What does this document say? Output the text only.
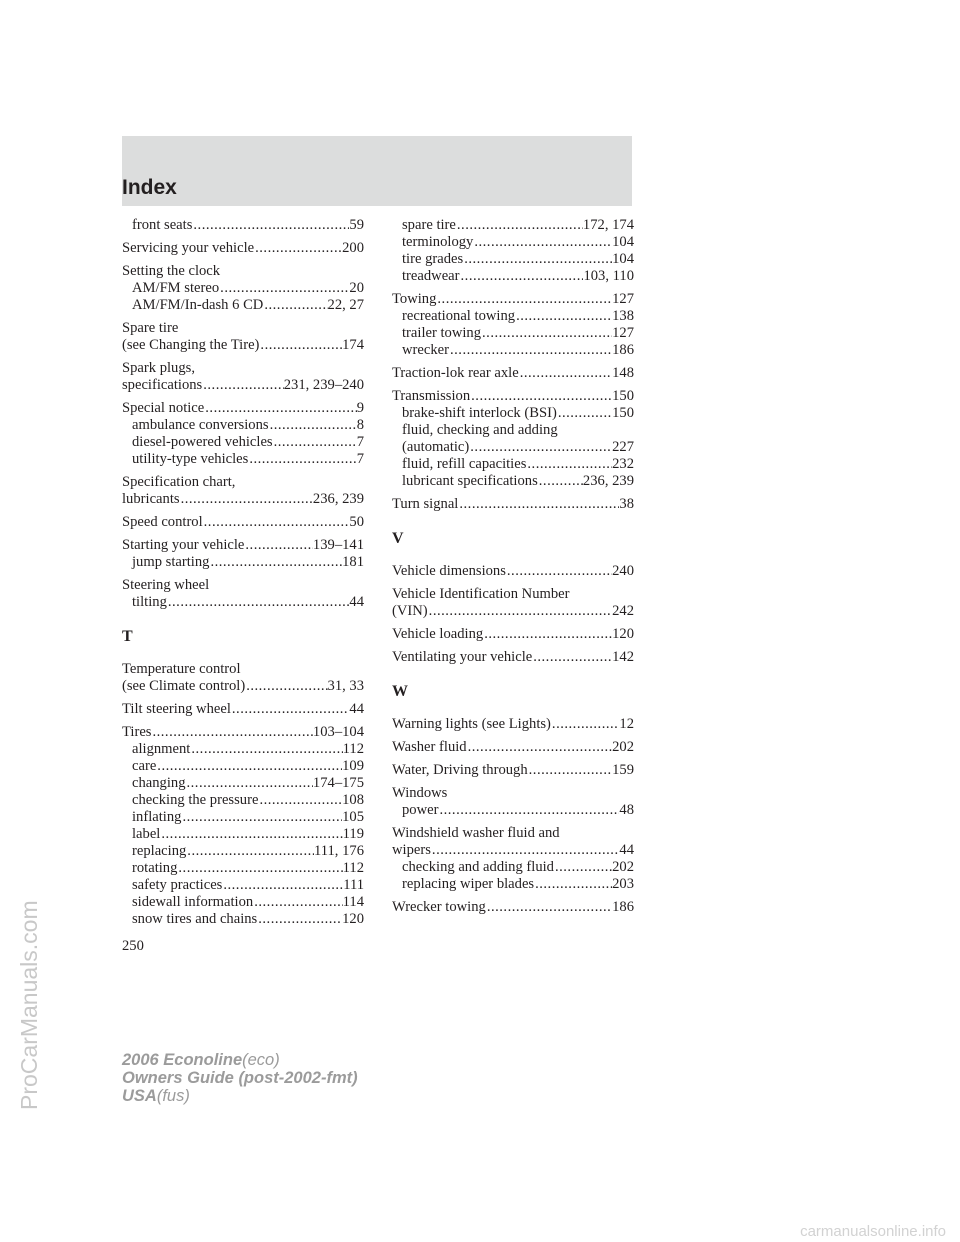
Index
front seats .....	59
Servicing your vehicle .....	200
Setting the clock
AM/FM stereo .....	20
AM/FM/In-dash 6 CD .....	22, 27
Spare tire
(see Changing the Tire) .....	174
Spark plugs,
specifications .....	231, 239–240
Special notice .....	9
ambulance conversions .....	8
diesel-powered vehicles .....	7
utility-type vehicles .....	7
Specification chart,
lubricants .....	236, 239
Speed control .....	50
Starting your vehicle .....	139–141
jump starting .....	181
Steering wheel
tilting .....	44
T
Temperature control
(see Climate control) .....	31, 33
Tilt steering wheel .....	44
Tires .....	103–104
alignment .....	112
care .....	109
changing .....	174–175
checking the pressure .....	108
inflating .....	105
label .....	119
replacing .....	111, 176
rotating .....	112
safety practices .....	111
sidewall information .....	114
snow tires and chains .....	120
spare tire .....	172, 174
terminology .....	104
tire grades .....	104
treadwear .....	103, 110
Towing .....	127
recreational towing .....	138
trailer towing .....	127
wrecker .....	186
Traction-lok rear axle .....	148
Transmission .....	150
brake-shift interlock (BSI) .....	150
fluid, checking and adding
(automatic) .....	227
fluid, refill capacities .....	232
lubricant specifications .....	236, 239
Turn signal .....	38
V
Vehicle dimensions .....	240
Vehicle Identification Number
(VIN) .....	242
Vehicle loading .....	120
Ventilating your vehicle .....	142
W
Warning lights (see Lights) .....	12
Washer fluid .....	202
Water, Driving through .....	159
Windows
power .....	48
Windshield washer fluid and
wipers .....	44
checking and adding fluid .....	202
replacing wiper blades .....	203
Wrecker towing .....	186
250
2006 Econoline(eco)
Owners Guide (post-2002-fmt)
USA(fus)
ProCarManuals.com
carmanualsonline.info
